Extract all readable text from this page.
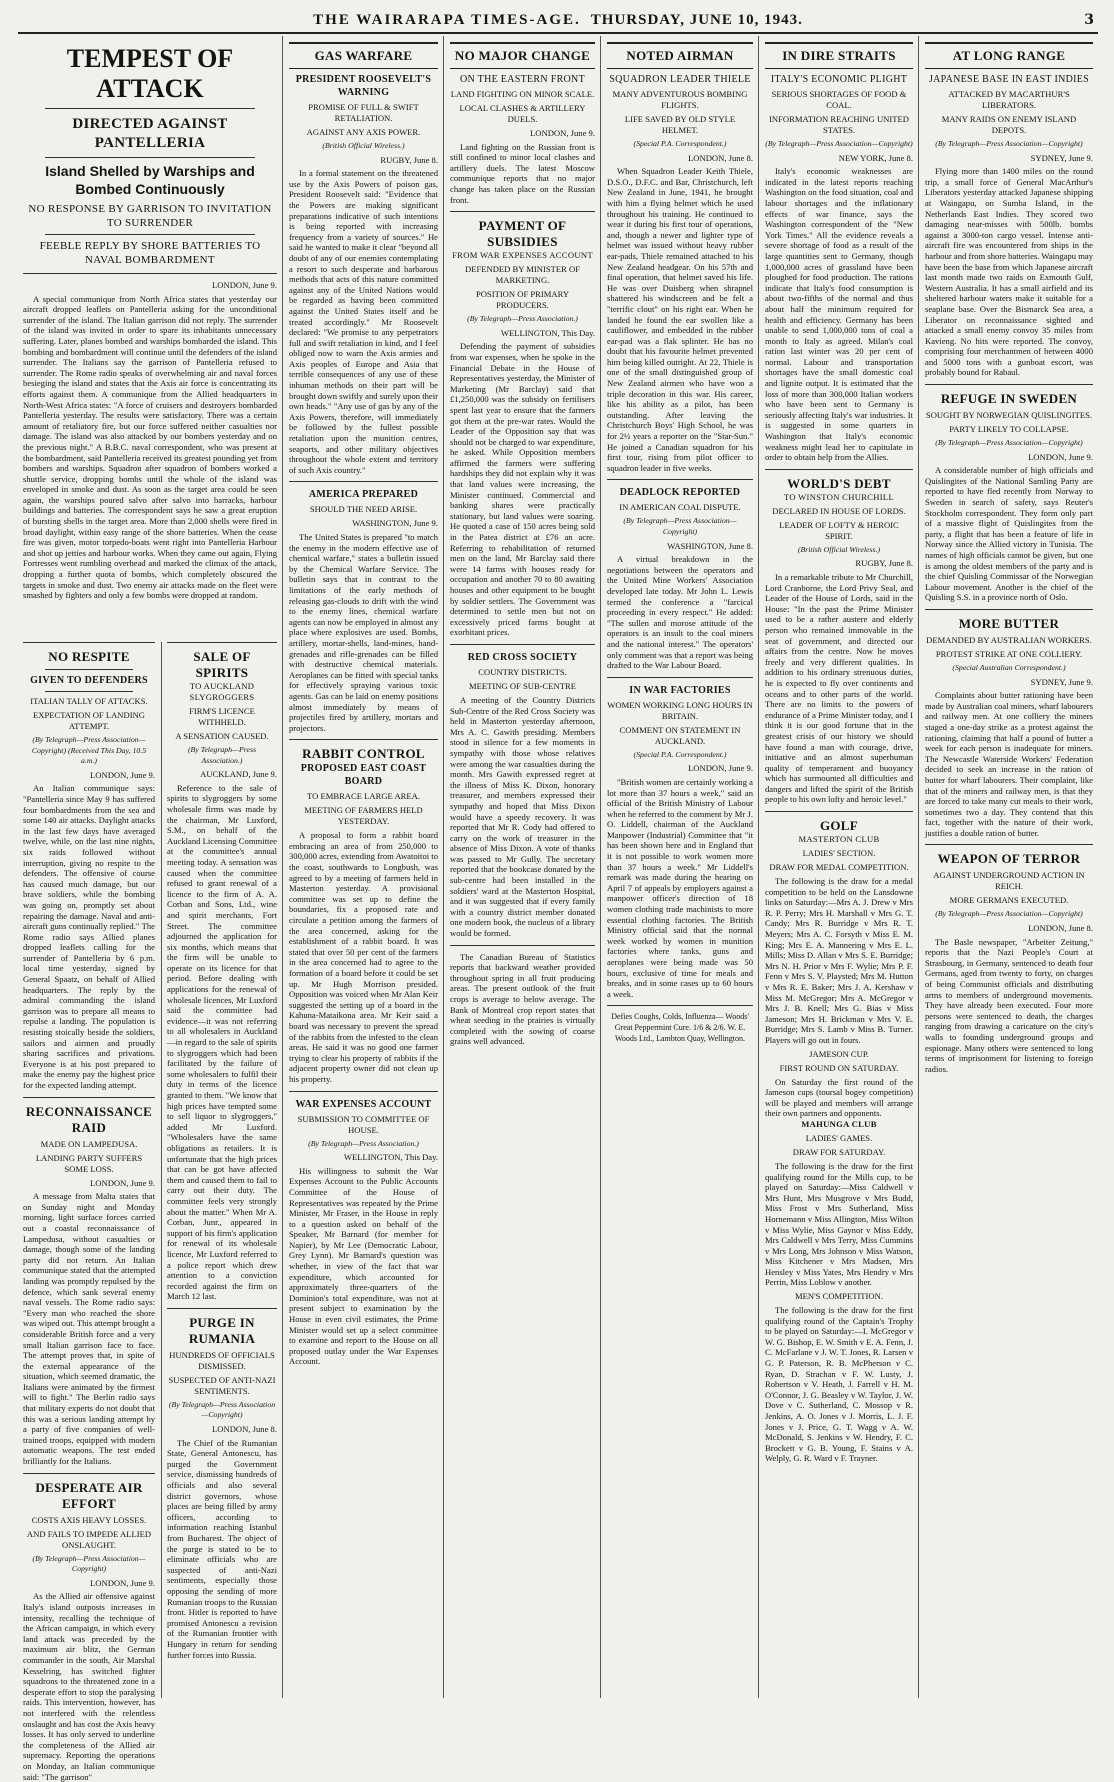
THE WAIRARAPA TIMES-AGE. THURSDAY, JUNE 10, 1943.	3
TEMPEST OF ATTACK
DIRECTED AGAINST PANTELLERIA
Island Shelled by Warships and Bombed Continuously
NO RESPONSE BY GARRISON TO INVITATION TO SURRENDER
FEEBLE REPLY BY SHORE BATTERIES TO NAVAL BOMBARDMENT
LONDON, June 9.

A special communique from North Africa states that yesterday our aircraft dropped leaflets on Pantelleria asking for the unconditional surrender of the island. The Italian garrison did not reply. The surrender of the island was invited in order to spare its inhabitants unnecessary suffering. Later, planes bombed and warships bombarded the island. This bombing and bombardment will continue until the defenders of the island surrender. The Italians say the garrison of Pantelleria refused to surrender. The Rome radio speaks of overwhelming air and naval forces besieging the island and states that the Axis air force is concentrating its efforts against them. A communique from the Allied headquarters in North-West Africa states: "A force of cruisers and destroyers bombarded Pantelleria yesterday. The results were satisfactory. There was a certain amount of retaliatory fire, but our force suffered neither casualties nor damage. The island was also attacked by our bombers yesterday and on the previous night." A B.B.C. naval correspondent, who was present at the bombardment, said Pantelleria received its greatest pounding yet from bombers and warships. Squadron after squadron of bombers worked a shuttle service, dropping bombs until the whole of the island was enveloped in smoke and dust. As soon as the target area could be seen again, the warships poured salvo after salvo into barracks, harbour buildings and batteries. The correspondent says he saw a great eruption of bursting shells in the target area. More than 2,000 shells were fired in broad daylight, within easy range of the shore batteries. When the cease fire was given, motor torpedo-boats went right into Pantelleria Harbour and shot up jetties and harbour works. When they came out again, Flying Fortresses went rumbling overhead and marked the climax of the attack, dropping a further quota of bombs, which completely obscured the targets in smoke and dust. Two enemy air attacks made on the fleet were smashed by fighters and only a few bombs were dropped at random.

NO RESPITE
GIVEN TO DEFENDERS
ITALIAN TALLY OF ATTACKS.
EXPECTATION OF LANDING ATTEMPT.
(By Telegraph—Press Association—Copyright) (Received This Day, 10.5 a.m.)
LONDON, June 9.

An Italian communique says: "Pantelleria since May 9 has suffered four bombardments from the sea and some 140 air attacks. Daylight attacks in the last few days have averaged twelve, while, on the last nine nights, six raids followed without interruption, giving no respite to the defenders. The offensive of course has caused much damage, but our brave soldiers, while the bombing was going on, promptly set about repairing the damage. Naval and anti-aircraft guns continually replied." The Rome radio says Allied planes dropped leaflets calling for the surrender of Pantelleria by 6 p.m. local time yesterday, signed by General Spaatz, on behalf of Allied headquarters. The reply by the admiral commanding the island garrison was to prepare all means to repulse a landing. The population is resisting stoically beside the soldiers, sailors and airmen and proudly sharing sacrifices and privations. Everyone is at his post prepared to make the enemy pay the highest price for the expected landing attempt.

RECONNAISSANCE RAID
MADE ON LAMPEDUSA.
LANDING PARTY SUFFERS SOME LOSS.
LONDON, June 9.

A message from Malta states that on Sunday night and Monday morning, light surface forces carried out a coastal reconnaissance of Lampedusa, without casualties or damage, though some of the landing party did not return. An Italian communique stated that the attempted landing was promptly repulsed by the defence, which sank several enemy naval vessels. The Rome radio says: "Every man who reached the shore was wiped out. This attempt brought a considerable British force and a very small Italian garrison face to face. The attempt proves that, in spite of the external appearance of the situation, which seemed dramatic, the Italians were animated by the firmest will to fight." The Berlin radio says that military experts do not doubt that this was a serious landing attempt by a party of five companies of well-trained troops, equipped with modern automatic weapons. The test ended brilliantly for the Italians.

DESPERATE AIR EFFORT
COSTS AXIS HEAVY LOSSES.
AND FAILS TO IMPEDE ALLIED ONSLAUGHT.
(By Telegraph—Press Association—Copyright)
LONDON, June 9.

As the Allied air offensive against Italy's island outposts increases in intensity, recalling the technique of the African campaign, in which every land attack was preceded by the maximum air blitz, the German commander in the south, Air Marshal Kesselring, has switched fighter squadrons to the threatened zone in a desperate effort to stop the paralysing raids. This intervention, however, has not interfered with the relentless onslaught and has cost the Axis heavy losses. It has only served to underline the completeness of the Allied air supremacy. Reporting the operations on Monday, an Italian communique said: "The garrison"

SALE OF SPIRITS
TO AUCKLAND SLYGROGGERS
FIRM'S LICENCE WITHHELD.
A SENSATION CAUSED.
(By Telegraph—Press Association.)
AUCKLAND, June 9.

Reference to the sale of spirits to slygroggers by some wholesale firms was made by the chairman, Mr Luxford, S.M., on behalf of the Auckland Licensing Committee at the committee's annual meeting today. A sensation was caused when the committee refused to grant renewal of a licence to the firm of A. A. Corban and Sons, Ltd., wine and spirit merchants, Fort Street. The committee adjourned the application for six months, which means that the firm will be unable to operate on its licence for that period. Before dealing with applications for the renewal of wholesale licences, Mr Luxford said the committee had evidence—it was not referring to all wholesalers in Auckland—in regard to the sale of spirits to slygroggers which had been facilitated by the failure of some wholesalers to fulfil their duty in terms of the licence granted to them. "We know that high prices have tempted some to sell liquor to slygroggers," added Mr Luxford. "Wholesalers have the same obligations as retailers. It is unfortunate that the high prices that can be got have affected them and caused them to fail to carry out their duty. The committee feels very strongly about the matter." When Mr A. Corban, Junr., appeared in support of his firm's application for renewal of its wholesale licence, Mr Luxford referred to a police report which drew attention to a conviction recorded against the firm on March 12 last.

PURGE IN RUMANIA
HUNDREDS OF OFFICIALS DISMISSED.
SUSPECTED OF ANTI-NAZI SENTIMENTS.
(By Telegraph—Press Association—Copyright)
LONDON, June 8.

The Chief of the Rumanian State, General Antonescu, has purged the Government service, dismissing hundreds of officials and also several district governors, whose places are being filled by army officers, according to information reaching Istanbul from Bucharest. The object of the purge is stated to be to eliminate officials who are suspected of anti-Nazi sentiments, especially those opposing the sending of more Rumanian troops to the Russian front. Hitler is reported to have promised Antonescu a revision of the Rumanian frontier with Hungary in return for sending further forces into Russia.

GAS WARFARE
PRESIDENT ROOSEVELT'S WARNING
PROMISE OF FULL & SWIFT RETALIATION.
AGAINST ANY AXIS POWER.
(British Official Wireless.)
RUGBY, June 8.

In a formal statement on the threatened use by the Axis Powers of poison gas, President Roosevelt said: "Evidence that the Powers are making significant preparations indicative of such intentions is being reported with increasing frequency from a variety of sources." He said he wanted to make it clear "beyond all doubt of any of our enemies contemplating a resort to such desperate and barbarous methods that acts of this nature committed against any of the United Nations would be regarded as having been committed against the United States itself and be treated accordingly." Mr Roosevelt declared: "We promise to any perpetrators full and swift retaliation in kind, and I feel obliged now to warn the Axis armies and Axis peoples of Europe and Asia that terrible consequences of any use of these inhuman methods on their part will be brought down swiftly and surely upon their own heads." "Any use of gas by any of the Axis Powers, therefore, will immediately be followed by the fullest possible retaliation upon the munition centres, seaports, and other military objectives throughout the whole extent and territory of such Axis country."

AMERICA PREPARED
SHOULD THE NEED ARISE.
WASHINGTON, June 9.

The United States is prepared "to match the enemy in the modern effective use of chemical warfare," states a bulletin issued by the Chemical Warfare Service. The bulletin says that in contrast to the limitations of the early methods of releasing gas-clouds to drift with the wind to the enemy lines, chemical warfare agents can now be employed in almost any place where explosives are used. Bombs, artillery, mortar-shells, land-mines, hand-grenades and rifle-grenades can be filled with destructive chemical materials. Aeroplanes can be fitted with special tanks for effectively spraying various toxic agents. Gas can be laid on enemy positions almost immediately by means of projectiles fired by artillery, mortars and projectors.

RABBIT CONTROL
PROPOSED EAST COAST BOARD
TO EMBRACE LARGE AREA.
MEETING OF FARMERS HELD YESTERDAY.

A proposal to form a rabbit board embracing an area of from 250,000 to 300,000 acres, extending from Awatoitoi to the coast, southwards to Longbush, was agreed to by a meeting of farmers held in Masterton yesterday. A provisional committee was set up to define the boundaries, fix a proposed rate and circulate a petition among the farmers of the area concerned, asking for the establishment of a rabbit board. It was stated that over 50 per cent of the farmers in the area concerned had to agree to the formation of a board before it could be set up. Mr Hugh Morrison presided. Opposition was voiced when Mr Alan Keir suggested the setting up of a board in the Kahuna-Mataikona area. Mr Keir said a board was necessary to prevent the spread of the rabbits from the infested to the clean areas. He said it was no good one farmer trying to clear his property of rabbits if the adjacent property owner did not clean up his property.

WAR EXPENSES ACCOUNT
SUBMISSION TO COMMITTEE OF HOUSE.
(By Telegraph—Press Association.)
WELLINGTON, This Day.

His willingness to submit the War Expenses Account to the Public Accounts Committee of the House of Representatives was repeated by the Prime Minister, Mr Fraser, in the House in reply to a question asked on behalf of the Speaker, Mr Barnard (for member for Napier), by Mr Lee (Democratic Labour, Grey Lynn). Mr Barnard's question was whether, in view of the fact that war expenditure, which accounted for approximately three-quarters of the Dominion's total expenditure, was not at present subject to examination by the House in even civil estimates, the Prime Minister would set up a select committee to examine and report to the House on all proposed outlay under the War Expenses Account.

NO MAJOR CHANGE
ON THE EASTERN FRONT
LAND FIGHTING ON MINOR SCALE.
LOCAL CLASHES & ARTILLERY DUELS.
LONDON, June 9.

Land fighting on the Russian front is still confined to minor local clashes and artillery duels. The latest Moscow communique reports that no major change has taken place on the Russian front.

PAYMENT OF SUBSIDIES
FROM WAR EXPENSES ACCOUNT
DEFENDED BY MINISTER OF MARKETING.
POSITION OF PRIMARY PRODUCERS.
(By Telegraph—Press Association.)
WELLINGTON, This Day.

Defending the payment of subsidies from war expenses, when he spoke in the Financial Debate in the House of Representatives yesterday, the Minister of Marketing (Mr Barclay) said that £1,250,000 was the subsidy on fertilisers spent last year to ensure that the farmers got them at the pre-war rates. Would the Leader of the Opposition say that was should not be charged to war expenditure, he asked. While Opposition members affirmed the farmers were suffering hardships they did not explain why it was that land values were increasing, the Minister continued. Commercial and banking shares were practically stationary, but land values were soaring. He quoted a case of 150 acres being sold in the Patea district at £76 an acre. Referring to rehabilitation of returned men on the land, Mr Barclay said there were 14 farms with houses ready for occupation and another 70 to 80 awaiting houses and other equipment to be bought by soldier settlers. The Government was determined to settle men but not on excessively priced farms bought at exorbitant prices.

RED CROSS SOCIETY
COUNTRY DISTRICTS.
MEETING OF SUB-CENTRE

A meeting of the Country Districts Sub-Centre of the Red Cross Society was held in Masterton yesterday afternoon, Mrs A. C. Gawith presiding. Members stood in silence for a few moments in sympathy with those whose relatives were among the war casualties during the month. Mrs Gawith expressed regret at the illness of Miss K. Dixon, honorary treasurer, and members expressed their sympathy and hoped that Miss Dixon would have a speedy recovery. It was reported that Mr R. Cody had offered to carry on the work of treasurer in the absence of Miss Dixon. A vote of thanks was passed to Mr Gully. The secretary reported that the bookcase donated by the sub-centre had been installed in the soldiers' ward at the Masterton Hospital, and it was suggested that if every family with a country district member donated one modern book, the nucleus of a library would be formed.

The Canadian Bureau of Statistics reports that backward weather provided throughout spring in all fruit producing areas. The present outlook of the fruit crops is average to below average. The Bank of Montreal crop report states that wheat seeding in the prairies is virtually completed with the sowing of coarse grains well advanced.

NOTED AIRMAN
SQUADRON LEADER THIELE
MANY ADVENTUROUS BOMBING FLIGHTS.
LIFE SAVED BY OLD STYLE HELMET.
(Special P.A. Correspondent.)
LONDON, June 8.

When Squadron Leader Keith Thiele, D.S.O., D.F.C. and Bar, Christchurch, left New Zealand in June, 1941, he brought with him a flying helmet which he used throughout his training. He continued to wear it during his first tour of operations, and, though a newer and lighter type of helmet was issued without heavy rubber ear-pads, Thiele remained attached to his New Zealand headgear. On his 57th and final operation, that helmet saved his life. He was over Duisberg when shrapnel shattered his windscreen and he felt a "terrific clout" on his right ear. When he landed he found the ear swollen like a cauliflower, and embedded in the rubber ear-pad was a flak splinter. He has no doubt that his favourite helmet prevented him being killed outright. At 22, Thiele is one of the small distinguished group of New Zealand airmen who have won a triple decoration in this war. His career, like his ability as a pilot, has been outstanding. After leaving the Christchurch Boys' High School, he was for 2½ years a reporter on the "Star-Sun." He joined a Canadian squadron for his first tour, rising from pilot officer to squadron leader in five weeks.

DEADLOCK REPORTED
IN AMERICAN COAL DISPUTE.
(By Telegraph—Press Association—Copyright)
WASHINGTON, June 8.

A virtual breakdown in the negotiations between the operators and the United Mine Workers' Association developed late today. Mr John L. Lewis termed the conference a "farcical proceeding in every respect." He added: "The sullen and morose attitude of the operators is an insult to the coal miners and the national interest." The operators' only comment was that a report was being drafted to the War Labour Board.

IN WAR FACTORIES
WOMEN WORKING LONG HOURS IN BRITAIN.
COMMENT ON STATEMENT IN AUCKLAND.
(Special P.A. Correspondent.)
LONDON, June 9.

"British women are certainly working a lot more than 37 hours a week," said an official of the British Ministry of Labour when he referred to the comment by Mr J. O. Liddell, chairman of the Auckland Manpower (Industrial) Committee that "it has been shown here and in England that it is not possible to work women more than 37 hours a week." Mr Liddell's remark was made during the hearing on April 7 of appeals by employers against a manpower officer's direction of 18 women clothing trade machinists to more essential clothing factories. The British Ministry official said that the normal week worked by women in munition factories where tanks, guns and aeroplanes were being made was 50 hours, exclusive of time for meals and breaks, and in some cases up to 60 hours a week.

Defies Coughs, Colds, Influenza— Woods' Great Peppermint Cure. 1/6 & 2/6. W. E. Woods Ltd., Lambton Quay, Wellington.

IN DIRE STRAITS
ITALY'S ECONOMIC PLIGHT
SERIOUS SHORTAGES OF FOOD & COAL.
INFORMATION REACHING UNITED STATES.
(By Telegraph—Press Association—Copyright)
NEW YORK, June 8.

Italy's economic weaknesses are indicated in the latest reports reaching Washington on the food situation, coal and labour shortages and the inflationary effects of war finance, says the Washington correspondent of the "New York Times." All the evidence reveals a severe shortage of food as a result of the large quantities sent to Germany, though 1,000,000 acres of grassland have been ploughed for food production. The rations indicate that Italy's food consumption is about two-fifths of the normal and thus about half the minimum required for health and efficiency. Germany has been unable to send 1,000,000 tons of coal a month to Italy as agreed. Milan's coal ration last winter was 20 per cent of normal. Labour and transportation shortages have the small domestic coal and lignite output. It is estimated that the loss of more than 300,000 Italian workers who have been sent to Germany is seriously affecting Italy's war industries. It is suggested in some quarters in Washington that Italy's economic weakness might lead her to capitulate in order to obtain help from the Allies.

WORLD'S DEBT
TO WINSTON CHURCHILL
DECLARED IN HOUSE OF LORDS.
LEADER OF LOFTY & HEROIC SPIRIT.
(British Official Wireless.)
RUGBY, June 8.

In a remarkable tribute to Mr Churchill, Lord Cranborne, the Lord Privy Seal, and Leader of the House of Lords, said in the House: "In the past the Prime Minister used to be a rather austere and elderly person who remained immovable in the seat of government, and directed our affairs from the centre. Now he moves freely and very different qualities. In addition to his ordinary strenuous duties, he is expected to fly over continents and oceans and to other parts of the world. There are no limits to the powers of endurance of a Prime Minister today, and I think it is our good fortune that in the greatest crisis of our history we should have found a man with courage, drive, initiative and an almost superhuman quality of temperament and buoyancy which has surmounted all difficulties and dangers and lifted the spirit of the British people to his own lofty and heroic level."

GOLF
MASTERTON CLUB
LADIES' SECTION.
DRAW FOR MEDAL COMPETITION.

The following is the draw for a medal competition to be held on the Lansdowne links on Saturday:—Mrs A. J. Drew v Mrs R. P. Perry; Mrs H. Marshall v Mrs G. T. Candy; Mrs R. Burridge v Mrs R. T. Meyers; Mrs A. C. Forsyth v Miss E. M. King; Mrs E. A. Mannering v Mrs E. L. Mills; Miss D. Allan v Mrs S. E. Burridge; Mrs N. H. Prior v Mrs F. Wylie; Mrs P. F. Fenn v Mrs S. V. Playsted; Mrs M. Hutton v Mrs R. E. Baker; Mrs J. A. Kershaw v Miss M. McGregor; Mrs A. McGregor v Mrs J. B. Knell; Mrs G. Bias v Miss Jameson; Mrs H. Brickman v Mrs V. E. Burridge; Mrs S. Lamb v Miss B. Turner. Players will go out in fours.

JAMESON CUP.
FIRST ROUND ON SATURDAY.

On Saturday the first round of the Jameson cups (toursal bogey competition) will be played and members will arrange their own partners and opponents.

MAHUNGA CLUB
LADIES' GAMES.
DRAW FOR SATURDAY.

The following is the draw for the first qualifying round for the Mills cup, to be played on Saturday:—Miss Caldwell v Mrs Hunt, Mrs Musgrove v Mrs Budd, Miss Frost v Mrs Sutherland, Miss Hornemann v Miss Allington, Miss Wilton v Miss Wylie, Miss Gaynor v Miss Eddy, Mrs Caldwell v Mrs Terry, Miss Cummins v Mrs Long, Mrs Johnson v Miss Watson, Miss Kitchener v Mrs Madsen, Mrs Hensley v Miss Yates, Mrs Hendry v Mrs Perrin, Miss Loblow v another.

MEN'S COMPETITION.

The following is the draw for the first qualifying round of the Captain's Trophy to be played on Saturday:—I. McGregor v W. G. Bishop, E. W. Smith v E. A. Fenn, J. C. McFarlane v J. W. T. Jones, R. Larsen v G. P. Paterson, R. B. McPherson v C. Ryan, D. Strachan v F. W. Lusty, J. Robertson v V. Heath, J. Farrell v H. M. O'Connor, J. G. Beasley v W. Taylor, J. W. Dove v C. Sutherland, C. Mossop v R. Jenkins, A. O. Jones v J. Morris, L. J. F. Jones v J. Price, G. T. Wagg v A. W. McDonald, S. Jenkins v W. Hendry, F. C. Brockett v G. B. Young, F. Stains v A. Welply, G. R. Ward v F. Trayner.

AT LONG RANGE
JAPANESE BASE IN EAST INDIES
ATTACKED BY MACARTHUR'S LIBERATORS.
MANY RAIDS ON ENEMY ISLAND DEPOTS.
(By Telegraph—Press Association—Copyright)
SYDNEY, June 9.

Flying more than 1400 miles on the round trip, a small force of General MacArthur's Liberators yesterday attacked Japanese shipping at Waingapu, on Sumba Island, in the Netherlands East Indies. They scored two damaging near-misses with 500lb. bombs against a 3000-ton cargo vessel. Intense anti-aircraft fire was encountered from ships in the harbour and from shore batteries. Waingapu may have been the base from which Japanese aircraft last month made two raids on Exmouth Gulf, Western Australia. It has a small airfield and its sheltered harbour waters make it suitable for a seaplane base. Over the Bismarck Sea area, a Liberator on reconnaissance sighted and attacked a small enemy convoy 35 miles from Kavieng. No hits were reported. The convoy, comprising four merchantmen of between 4000 and 5000 tons with a gunboat escort, was probably bound for Rabaul.

REFUGE IN SWEDEN
SOUGHT BY NORWEGIAN QUISLINGITES.
PARTY LIKELY TO COLLAPSE.
(By Telegraph—Press Association—Copyright)
LONDON, June 9.

A considerable number of high officials and Quislingites of the National Samling Party are reported to have fled recently from Norway to Sweden in search of safety, says Reuter's Stockholm correspondent. They form only part of a massive flight of Quislingites from the party, a flight that has been a feature of life in Norway since the Allied victory in Tunisia. The names of high officials cannot be given, but one is among the oldest members of the party and is the chief Quisling Commissar of the Norwegian Labour movement. Another is the chief of the Quisling S.S. in a province north of Oslo.

MORE BUTTER
DEMANDED BY AUSTRALIAN WORKERS.
PROTEST STRIKE AT ONE COLLIERY.
(Special Australian Correspondent.)
SYDNEY, June 9.

Complaints about butter rationing have been made by Australian coal miners, wharf labourers and railway men. At one colliery the miners staged a one-day strike as a protest against the rationing, claiming that half a pound of butter a week for each person is inadequate for miners. The Newcastle Waterside Workers' Federation decided to seek an increase in the ration of butter for wharf labourers. Their complaint, like that of the miners and railway men, is that they are forced to take many cut meals to their work, sometimes two a day. They contend that this fact, together with the nature of their work, justifies a double ration of butter.

WEAPON OF TERROR
AGAINST UNDERGROUND ACTION IN REICH.
MORE GERMANS EXECUTED.
(By Telegraph—Press Association—Copyright)
LONDON, June 8.

The Basle newspaper, "Arbeiter Zeitung," reports that the Nazi People's Court at Strasbourg, in Germany, sentenced to death four Germans, aged from twenty to forty, on charges of being Communist officials and distributing arms to members of underground movements. They have already been executed. Four more persons were sentenced to death, the charges ranging from drawing a caricature on the city's walls to founding underground groups and espionage. Many others were sentenced to long terms of imprisonment for listening to foreign radios.
